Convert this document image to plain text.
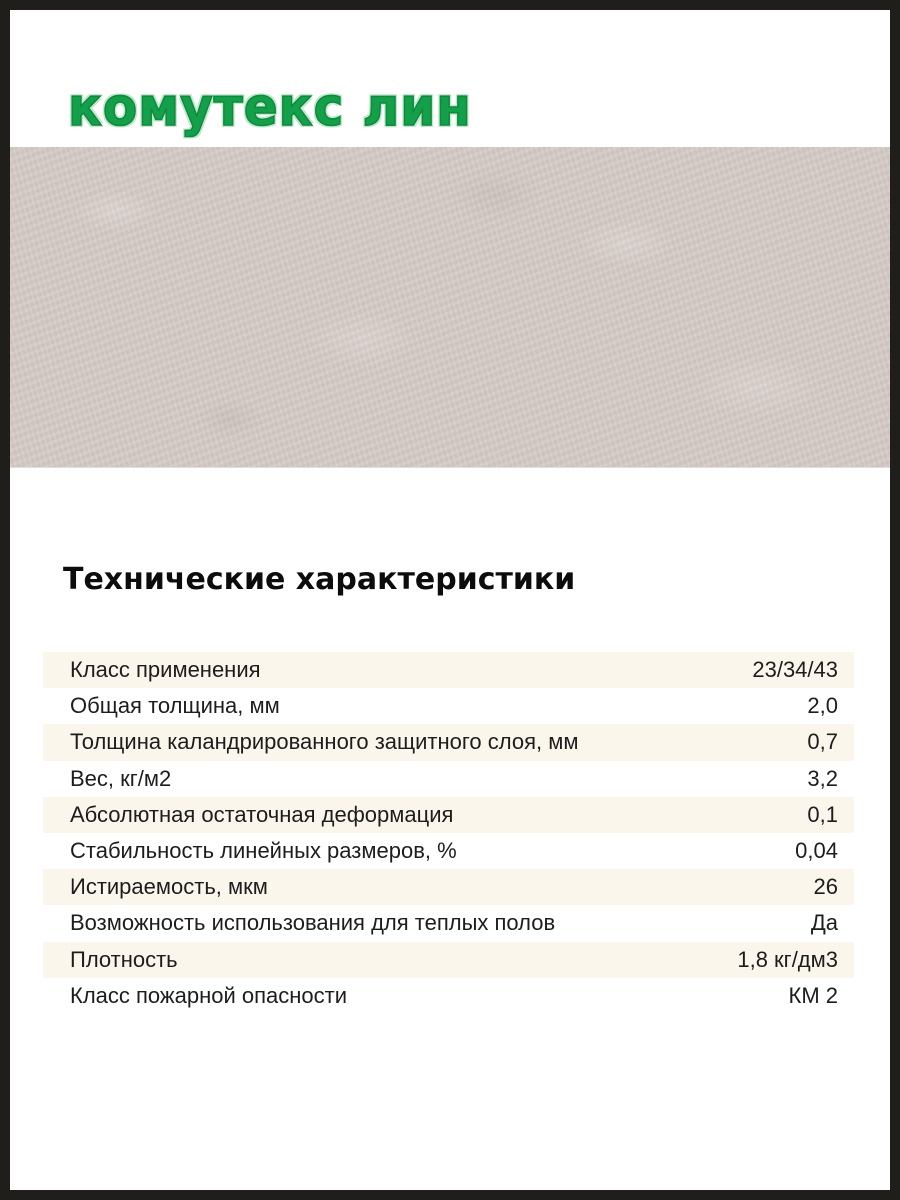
комутекс лин
Технические характеристики
Класс применения	23/34/43
Общая толщина, мм	2,0
Толщина каландрированного защитного слоя, мм	0,7
Вес, кг/м2	3,2
Абсолютная остаточная деформация	0,1
Стабильность линейных размеров, %	0,04
Истираемость, мкм	26
Возможность использования для теплых полов	Да
Плотность	1,8 кг/дм3
Класс пожарной опасности	КМ 2
